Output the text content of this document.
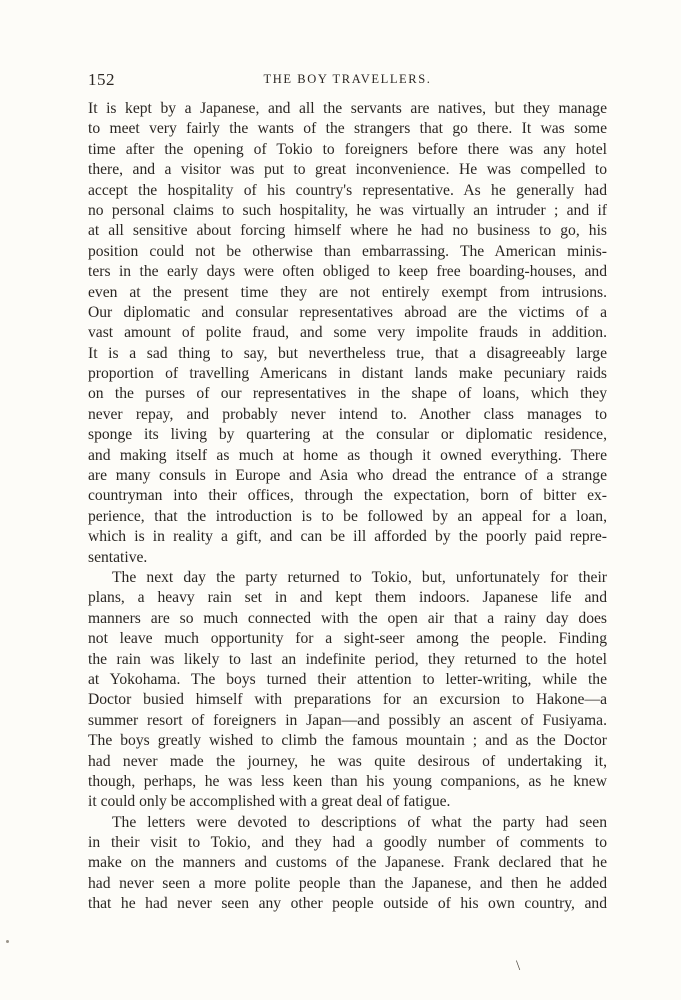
152	THE BOY TRAVELLERS.
It is kept by a Japanese, and all the servants are natives, but they manage
to meet very fairly the wants of the strangers that go there. It was some
time after the opening of Tokio to foreigners before there was any hotel
there, and a visitor was put to great inconvenience. He was compelled to
accept the hospitality of his country's representative. As he generally had
no personal claims to such hospitality, he was virtually an intruder ; and if
at all sensitive about forcing himself where he had no business to go, his
position could not be otherwise than embarrassing. The American minis-
ters in the early days were often obliged to keep free boarding-houses, and
even at the present time they are not entirely exempt from intrusions.
Our diplomatic and consular representatives abroad are the victims of a
vast amount of polite fraud, and some very impolite frauds in addition.
It is a sad thing to say, but nevertheless true, that a disagreeably large
proportion of travelling Americans in distant lands make pecuniary raids
on the purses of our representatives in the shape of loans, which they
never repay, and probably never intend to. Another class manages to
sponge its living by quartering at the consular or diplomatic residence,
and making itself as much at home as though it owned everything. There
are many consuls in Europe and Asia who dread the entrance of a strange
countryman into their offices, through the expectation, born of bitter ex-
perience, that the introduction is to be followed by an appeal for a loan,
which is in reality a gift, and can be ill afforded by the poorly paid repre-
sentative.
The next day the party returned to Tokio, but, unfortunately for their
plans, a heavy rain set in and kept them indoors. Japanese life and
manners are so much connected with the open air that a rainy day does
not leave much opportunity for a sight-seer among the people. Finding
the rain was likely to last an indefinite period, they returned to the hotel
at Yokohama. The boys turned their attention to letter-writing, while the
Doctor busied himself with preparations for an excursion to Hakone—a
summer resort of foreigners in Japan—and possibly an ascent of Fusiyama.
The boys greatly wished to climb the famous mountain ; and as the Doctor
had never made the journey, he was quite desirous of undertaking it,
though, perhaps, he was less keen than his young companions, as he knew
it could only be accomplished with a great deal of fatigue.
The letters were devoted to descriptions of what the party had seen
in their visit to Tokio, and they had a goodly number of comments to
make on the manners and customs of the Japanese. Frank declared that he
had never seen a more polite people than the Japanese, and then he added
that he had never seen any other people outside of his own country, and
\
